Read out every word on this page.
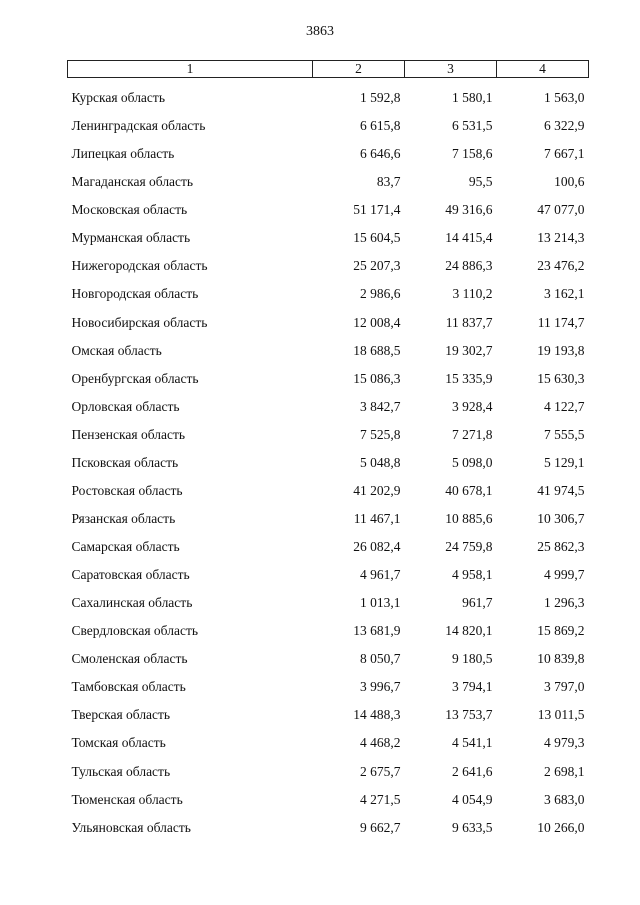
3863
1	2	3	4
Курская область	1 592,8	1 580,1	1 563,0
Ленинградская область	6 615,8	6 531,5	6 322,9
Липецкая область	6 646,6	7 158,6	7 667,1
Магаданская область	83,7	95,5	100,6
Московская область	51 171,4	49 316,6	47 077,0
Мурманская область	15 604,5	14 415,4	13 214,3
Нижегородская область	25 207,3	24 886,3	23 476,2
Новгородская область	2 986,6	3 110,2	3 162,1
Новосибирская область	12 008,4	11 837,7	11 174,7
Омская область	18 688,5	19 302,7	19 193,8
Оренбургская область	15 086,3	15 335,9	15 630,3
Орловская область	3 842,7	3 928,4	4 122,7
Пензенская область	7 525,8	7 271,8	7 555,5
Псковская область	5 048,8	5 098,0	5 129,1
Ростовская область	41 202,9	40 678,1	41 974,5
Рязанская область	11 467,1	10 885,6	10 306,7
Самарская область	26 082,4	24 759,8	25 862,3
Саратовская область	4 961,7	4 958,1	4 999,7
Сахалинская область	1 013,1	961,7	1 296,3
Свердловская область	13 681,9	14 820,1	15 869,2
Смоленская область	8 050,7	9 180,5	10 839,8
Тамбовская область	3 996,7	3 794,1	3 797,0
Тверская область	14 488,3	13 753,7	13 011,5
Томская область	4 468,2	4 541,1	4 979,3
Тульская область	2 675,7	2 641,6	2 698,1
Тюменская область	4 271,5	4 054,9	3 683,0
Ульяновская область	9 662,7	9 633,5	10 266,0
